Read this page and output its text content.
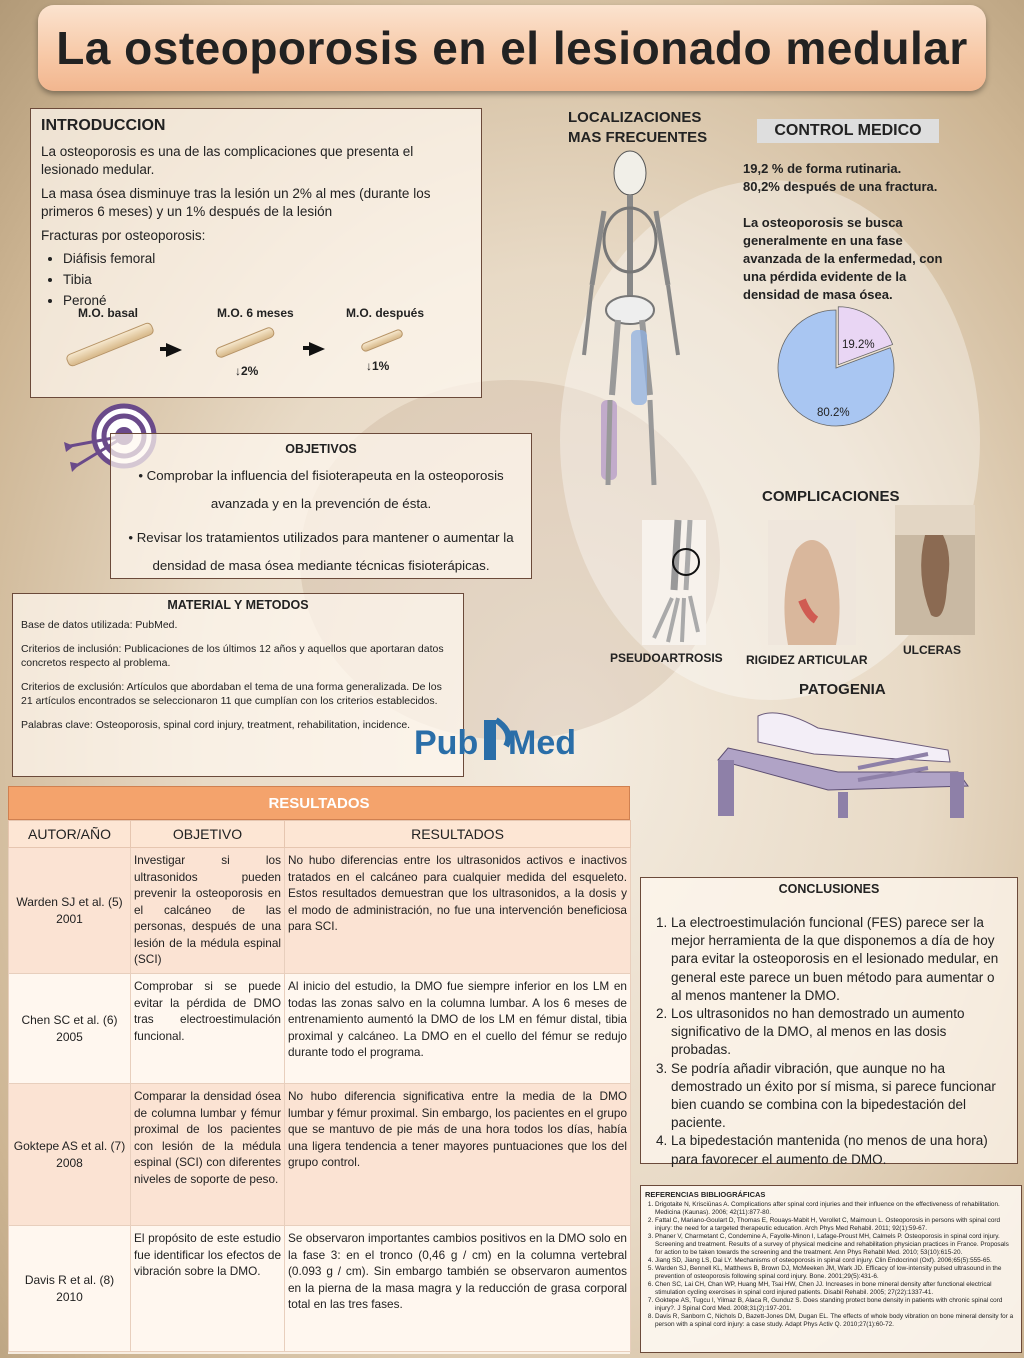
La osteoporosis en el lesionado medular
INTRODUCCION

La osteoporosis es una de las complicaciones que presenta el lesionado medular.

La masa ósea disminuye tras la lesión un 2% al mes (durante los primeros 6 meses) y un 1% después de la lesión

Fracturas por osteoporosis:

• Diáfisis femoral
• Tibia
• Peroné
M.O. basal	M.O. 6 meses	M.O. después
↓2%	↓1%
LOCALIZACIONES
MAS FRECUENTES	CONTROL MEDICO
19,2 % de forma rutinaria.
80,2% después de una fractura.
La osteoporosis se busca generalmente en una fase avanzada de la enfermedad, con una pérdida evidente de la densidad de masa ósea.
19.2%
80.2%
OBJETIVOS

• Comprobar la influencia del fisioterapeuta en la osteoporosis avanzada y en la prevención de ésta.

• Revisar los tratamientos utilizados para mantener o aumentar la densidad de masa ósea mediante técnicas fisioterápicas.

MATERIAL Y METODOS

Base de datos utilizada: PubMed.

Criterios de inclusión: Publicaciones de los últimos 12 años y aquellos que aportaran datos concretos respecto al problema.

Criterios de exclusión: Artículos que abordaban el tema de una forma generalizada. De los 21 artículos encontrados se seleccionaron 11 que cumplían con los criterios establecidos.

Palabras clave: Osteoporosis, spinal cord injury, treatment, rehabilitation, incidence. Pub Med
COMPLICACIONES
PSEUDOARTROSIS RIGIDEZ ARTICULAR
ULCERAS
PATOGENIA
RESULTADOS
AUTOR/AÑO	OBJETIVO	RESULTADOS
Warden SJ et al. (5) 2001	Investigar si los ultrasonidos pueden prevenir la osteoporosis en el calcáneo de las personas, después de una lesión de la médula espinal (SCI)	No hubo diferencias entre los ultrasonidos activos e inactivos tratados en el calcáneo para cualquier medida del esqueleto. Estos resultados demuestran que los ultrasonidos, a la dosis y el modo de administración, no fue una intervención beneficiosa para SCI.
Chen SC et al. (6) 2005	Comprobar si se puede evitar la pérdida de DMO tras electroestimulación funcional.	Al inicio del estudio, la DMO fue siempre inferior en los LM en todas las zonas salvo en la columna lumbar. A los 6 meses de entrenamiento aumentó la DMO de los LM en fémur distal, tibia proximal y calcáneo. La DMO en el cuello del fémur se redujo durante todo el programa.
Goktepe AS et al. (7) 2008	Comparar la densidad ósea de columna lumbar y fémur proximal de los pacientes con lesión de la médula espinal (SCI) con diferentes niveles de soporte de peso.	No hubo diferencia significativa entre la media de la DMO lumbar y fémur proximal. Sin embargo, los pacientes en el grupo que se mantuvo de pie más de una hora todos los días, había una ligera tendencia a tener mayores puntuaciones que los del grupo control.
Davis R et al. (8) 2010	El propósito de este estudio fue identificar los efectos de vibración sobre la DMO.	Se observaron importantes cambios positivos en la DMO solo en la fase 3: en el tronco (0,46 g / cm) en la columna vertebral (0.093 g / cm). Sin embargo también se observaron aumentos en la pierna de la masa magra y la reducción de grasa corporal total en las tres fases.
CONCLUSIONES
1. La electroestimulación funcional (FES) parece ser la mejor herramienta de la que disponemos a día de hoy para evitar la osteoporosis en el lesionado medular, en general este parece un buen método para aumentar o al menos mantener la DMO.
2. Los ultrasonidos no han demostrado un aumento significativo de la DMO, al menos en las dosis probadas.
3. Se podría añadir vibración, que aunque no ha demostrado un éxito por sí misma, si parece funcionar bien cuando se combina con la bipedestación del paciente.
4. La bipedestación mantenida (no menos de una hora) para favorecer el aumento de DMO.
REFERENCIAS BIBLIOGRÁFICAS
1. Drigotaite N, Krisciūnas A. Complications after spinal cord injuries and their influence on the effectiveness of rehabilitation. Medicina (Kaunas). 2006; 42(11):877-80.
2. Fattal C, Mariano-Goulart D, Thomas E, Rouays-Mabit H, Verollet C, Maimoun L. Osteoporosis in persons with spinal cord injury: the need for a targeted therapeutic education. Arch Phys Med Rehabil. 2011; 92(1):59-67.
3. Phaner V, Charmetant C, Condemine A, Fayolle-Minon I, Lafage-Proust MH, Calmels P. Osteoporosis in spinal cord injury. Screening and treatment. Results of a survey of physical medicine and rehabilitation physician practices in France. Proposals for action to be taken towards the screening and the treatment. Ann Phys Rehabil Med. 2010; 53(10):615-20.
4. Jiang SD, Jiang LS, Dai LY. Mechanisms of osteoporosis in spinal cord injury. Clin Endocrinol (Oxf). 2006;65(5):555-65.
5. Warden SJ, Bennell KL, Matthews B, Brown DJ, McMeeken JM, Wark JD. Efficacy of low-intensity pulsed ultrasound in the prevention of osteoporosis following spinal cord injury. Bone. 2001;29(5):431-6.
6. Chen SC, Lai CH, Chan WP, Huang MH, Tsai HW, Chen JJ. Increases in bone mineral density after functional electrical stimulation cycling exercises in spinal cord injured patients. Disabil Rehabil. 2005; 27(22):1337-41.
7. Goktepe AS, Tugcu I, Yilmaz B, Alaca R, Gunduz S. Does standing protect bone density in patients with chronic spinal cord injury?. J Spinal Cord Med. 2008;31(2):197-201.
8. Davis R, Sanborn C, Nichols D, Bazett-Jones DM, Dugan EL. The effects of whole body vibration on bone mineral density for a person with a spinal cord injury: a case study. Adapt Phys Activ Q. 2010;27(1):60-72.
